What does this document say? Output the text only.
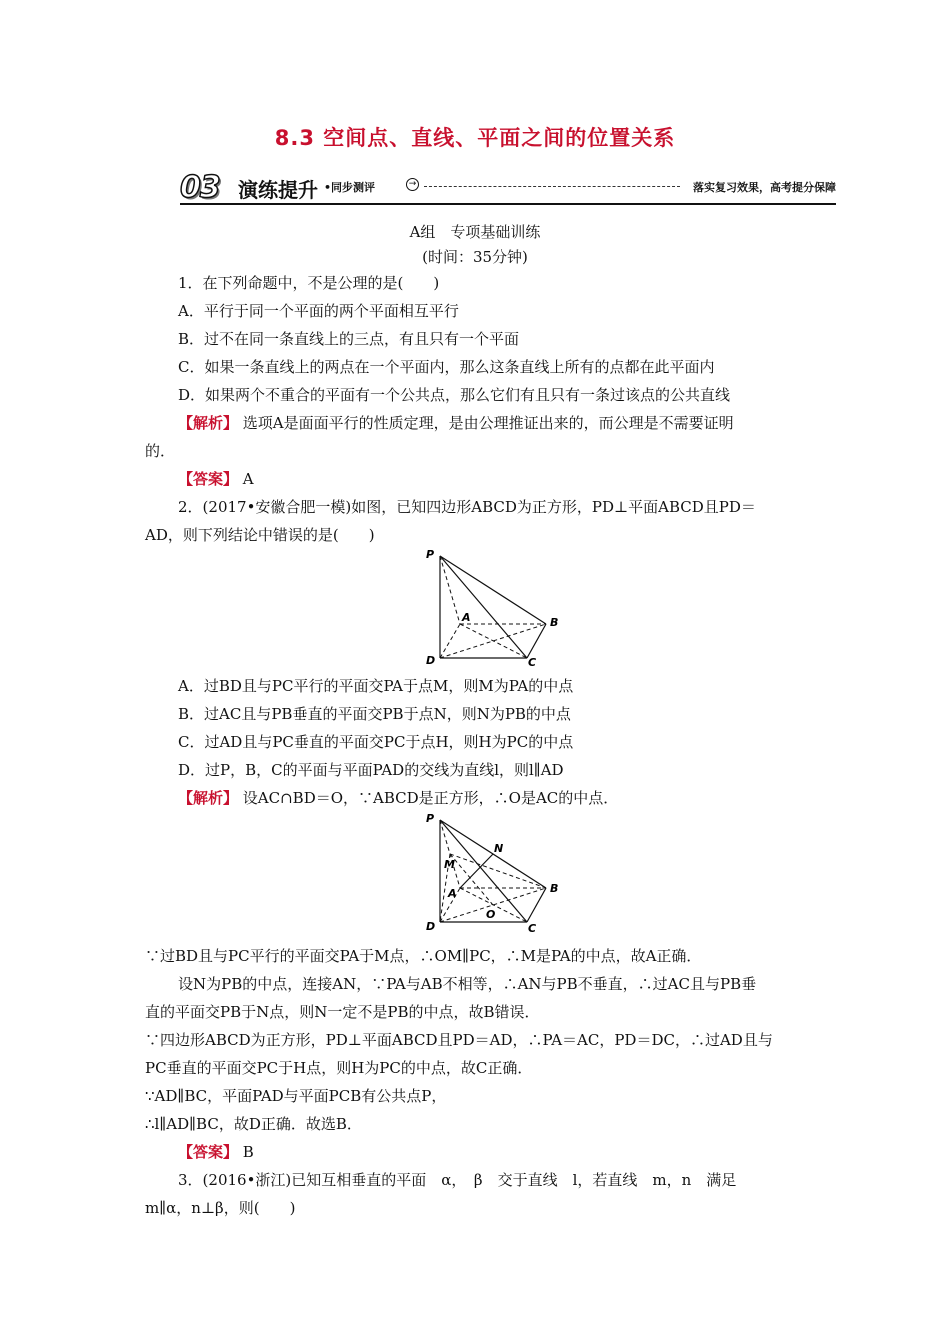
8.3 空间点、直线、平面之间的位置关系
03 演练提升 •同步测评	→	落实复习效果，高考提分保障
A组　专项基础训练
(时间：35分钟)
1．在下列命题中，不是公理的是(　　)
A．平行于同一个平面的两个平面相互平行
B．过不在同一条直线上的三点，有且只有一个平面
C．如果一条直线上的两点在一个平面内，那么这条直线上所有的点都在此平面内
D．如果两个不重合的平面有一个公共点，那么它们有且只有一条过该点的公共直线
【解析】 选项A是面面平行的性质定理，是由公理推证出来的，而公理是不需要证明
的．
【答案】 A
2．(2017•安徽合肥一模)如图，已知四边形ABCD为正方形，PD⊥平面ABCD且PD＝
AD，则下列结论中错误的是(　　)
P
A	B
D	C
A．过BD且与PC平行的平面交PA于点M，则M为PA的中点
B．过AC且与PB垂直的平面交PB于点N，则N为PB的中点
C．过AD且与PC垂直的平面交PC于点H，则H为PC的中点
D．过P，B，C的平面与平面PAD的交线为直线l，则l∥AD
【解析】 设AC∩BD＝O，∵ABCD是正方形，∴O是AC的中点．
P
N
M
A	B
O
D	C
∵过BD且与PC平行的平面交PA于M点，∴OM∥PC，∴M是PA的中点，故A正确．
设N为PB的中点，连接AN，∵PA与AB不相等，∴AN与PB不垂直，∴过AC且与PB垂
直的平面交PB于N点，则N一定不是PB的中点，故B错误．
∵四边形ABCD为正方形，PD⊥平面ABCD且PD＝AD，∴PA＝AC，PD＝DC，∴过AD且与
PC垂直的平面交PC于H点，则H为PC的中点，故C正确．
∵AD∥BC，平面PAD与平面PCB有公共点P，
∴l∥AD∥BC，故D正确．故选B．
【答案】 B
3．(2016•浙江)已知互相垂直的平面　α，　β　交于直线　l，若直线　m，n　满足
m∥α，n⊥β，则(　　)
